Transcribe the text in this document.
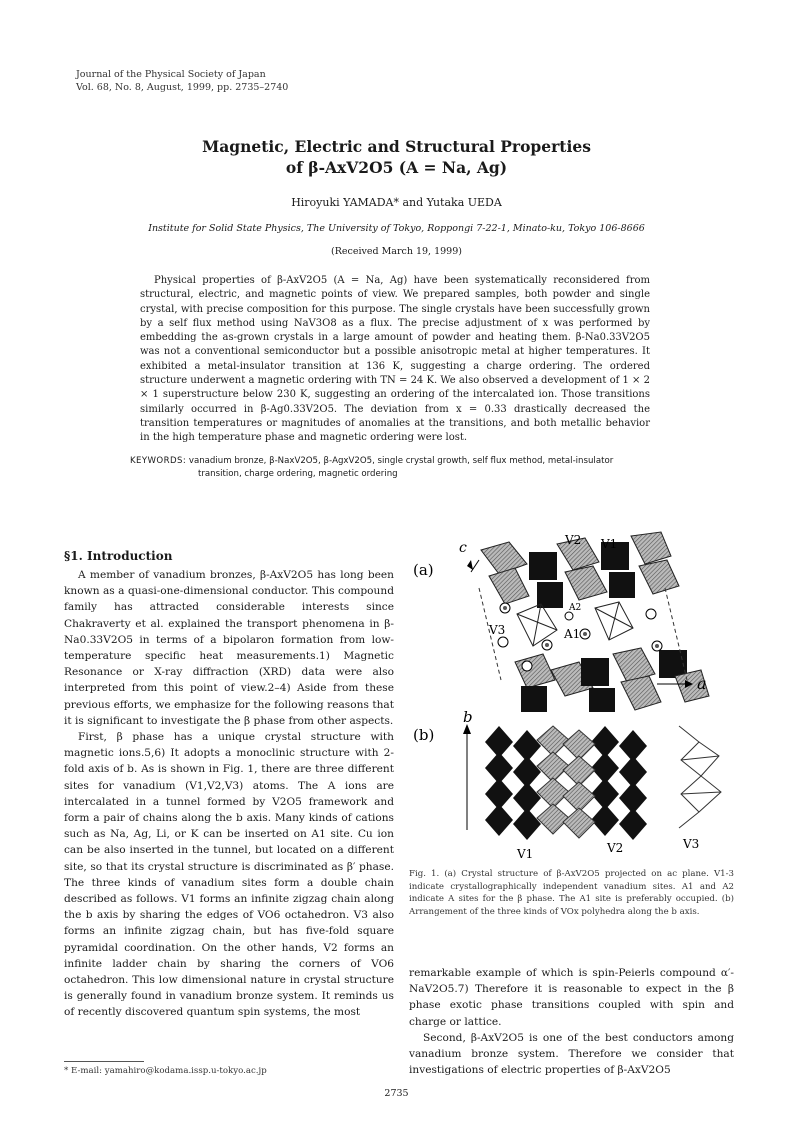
Journal of the Physical Society of Japan
Vol. 68, No. 8, August, 1999, pp. 2735–2740
Magnetic, Electric and Structural Properties
of β-AxV2O5 (A = Na, Ag)
Hiroyuki YAMADA* and Yutaka UEDA
Institute for Solid State Physics, The University of Tokyo, Roppongi 7-22-1, Minato-ku, Tokyo 106-8666
(Received March 19, 1999)
Physical properties of β-AxV2O5 (A = Na, Ag) have been systematically reconsidered from structural, electric, and magnetic points of view. We prepared samples, both powder and single crystal, with precise composition for this purpose. The single crystals have been successfully grown by a self flux method using NaV3O8 as a flux. The precise adjustment of x was performed by embedding the as-grown crystals in a large amount of powder and heating them. β-Na0.33V2O5 was not a conventional semiconductor but a possible anisotropic metal at higher temperatures. It exhibited a metal-insulator transition at 136 K, suggesting a charge ordering. The ordered structure underwent a magnetic ordering with TN = 24 K. We also observed a development of 1 × 2 × 1 superstructure below 230 K, suggesting an ordering of the intercalated ion. Those transitions similarly occurred in β-Ag0.33V2O5. The deviation from x = 0.33 drastically decreased the transition temperatures or magnitudes of anomalies at the transitions, and both metallic behavior in the high temperature phase and magnetic ordering were lost.
KEYWORDS: vanadium bronze, β-NaxV2O5, β-AgxV2O5, single crystal growth, self flux method, metal-insulator
transition, charge ordering, magnetic ordering
§1. Introduction

A member of vanadium bronzes, β-AxV2O5 has long been known as a quasi-one-dimensional conductor. This compound family has attracted considerable interests since Chakraverty et al. explained the transport phenomena in β-Na0.33V2O5 in terms of a bipolaron formation from low-temperature specific heat measurements.1) Magnetic Resonance or X-ray diffraction (XRD) data were also interpreted from this point of view.2–4) Aside from these previous efforts, we emphasize for the following reasons that it is significant to investigate the β phase from other aspects.

First, β phase has a unique crystal structure with magnetic ions.5,6) It adopts a monoclinic structure with 2-fold axis of b. As is shown in Fig. 1, there are three different sites for vanadium (V1,V2,V3) atoms. The A ions are intercalated in a tunnel formed by V2O5 framework and form a pair of chains along the b axis. Many kinds of cations such as Na, Ag, Li, or K can be inserted on A1 site. Cu ion can be also inserted in the tunnel, but located on a different site, so that its crystal structure is discriminated as β′ phase. The three kinds of vanadium sites form a double chain described as follows. V1 forms an infinite zigzag chain along the b axis by sharing the edges of VO6 octahedron. V3 also forms an infinite zigzag chain, but has five-fold square pyramidal coordination. On the other hands, V2 forms an infinite ladder chain by sharing the corners of VO6 octahedron. This low dimensional nature in crystal structure is generally found in vanadium bronze system. It reminds us of recently discovered quantum spin systems, the most

(a)
(b)
c	V2 V1
V3	A1
A2
a
b
V1	V2	V3
Fig. 1. (a) Crystal structure of β-AxV2O5 projected on ac plane. V1-3 indicate crystallographically independent vanadium sites. A1 and A2 indicate A sites for the β phase. The A1 site is preferably occupied. (b) Arrangement of the three kinds of VOx polyhedra along the b axis.

remarkable example of which is spin-Peierls compound α′-NaV2O5.7) Therefore it is reasonable to expect in the β phase exotic phase transitions coupled with spin and charge or lattice.

Second, β-AxV2O5 is one of the best conductors among vanadium bronze system. Therefore we consider that investigations of electric properties of β-AxV2O5

* E-mail: yamahiro@kodama.issp.u-tokyo.ac.jp
2735
